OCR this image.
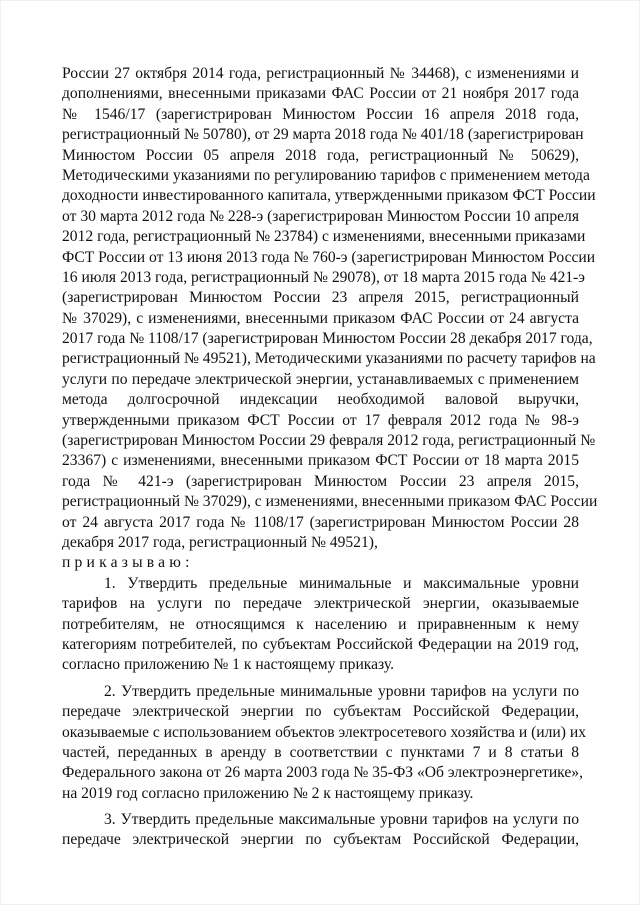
России 27 октября 2014 года, регистрационный № 34468), с изменениями и
дополнениями, внесенными приказами ФАС России от 21 ноября 2017 года
№ 1546/17 (зарегистрирован Минюстом России 16 апреля 2018 года,
регистрационный № 50780), от 29 марта 2018 года № 401/18 (зарегистрирован
Минюстом России 05 апреля 2018 года, регистрационный № 50629),
Методическими указаниями по регулированию тарифов с применением метода
доходности инвестированного капитала, утвержденными приказом ФСТ России
от 30 марта 2012 года № 228-э (зарегистрирован Минюстом России 10 апреля
2012 года, регистрационный № 23784) с изменениями, внесенными приказами
ФСТ России от 13 июня 2013 года № 760-э (зарегистрирован Минюстом России
16 июля 2013 года, регистрационный № 29078), от 18 марта 2015 года № 421-э
(зарегистрирован Минюстом России 23 апреля 2015, регистрационный
№ 37029), с изменениями, внесенными приказом ФАС России от 24 августа
2017 года № 1108/17 (зарегистрирован Минюстом России 28 декабря 2017 года,
регистрационный № 49521), Методическими указаниями по расчету тарифов на
услуги по передаче электрической энергии, устанавливаемых с применением
метода долгосрочной индексации необходимой валовой выручки,
утвержденными приказом ФСТ России от 17 февраля 2012 года № 98-э
(зарегистрирован Минюстом России 29 февраля 2012 года, регистрационный №
23367) с изменениями, внесенными приказом ФСТ России от 18 марта 2015
года № 421-э (зарегистрирован Минюстом России 23 апреля 2015,
регистрационный № 37029), с изменениями, внесенными приказом ФАС России
от 24 августа 2017 года № 1108/17 (зарегистрирован Минюстом России 28
декабря 2017 года, регистрационный № 49521),
приказываю:
1. Утвердить предельные минимальные и максимальные уровни
тарифов на услуги по передаче электрической энергии, оказываемые
потребителям, не относящимся к населению и приравненным к нему
категориям потребителей, по субъектам Российской Федерации на 2019 год,
согласно приложению № 1 к настоящему приказу.
2. Утвердить предельные минимальные уровни тарифов на услуги по
передаче электрической энергии по субъектам Российской Федерации,
оказываемые с использованием объектов электросетевого хозяйства и (или) их
частей, переданных в аренду в соответствии с пунктами 7 и 8 статьи 8
Федерального закона от 26 марта 2003 года № 35-ФЗ «Об электроэнергетике»,
на 2019 год согласно приложению № 2 к настоящему приказу.
3. Утвердить предельные максимальные уровни тарифов на услуги по
передаче электрической энергии по субъектам Российской Федерации,
